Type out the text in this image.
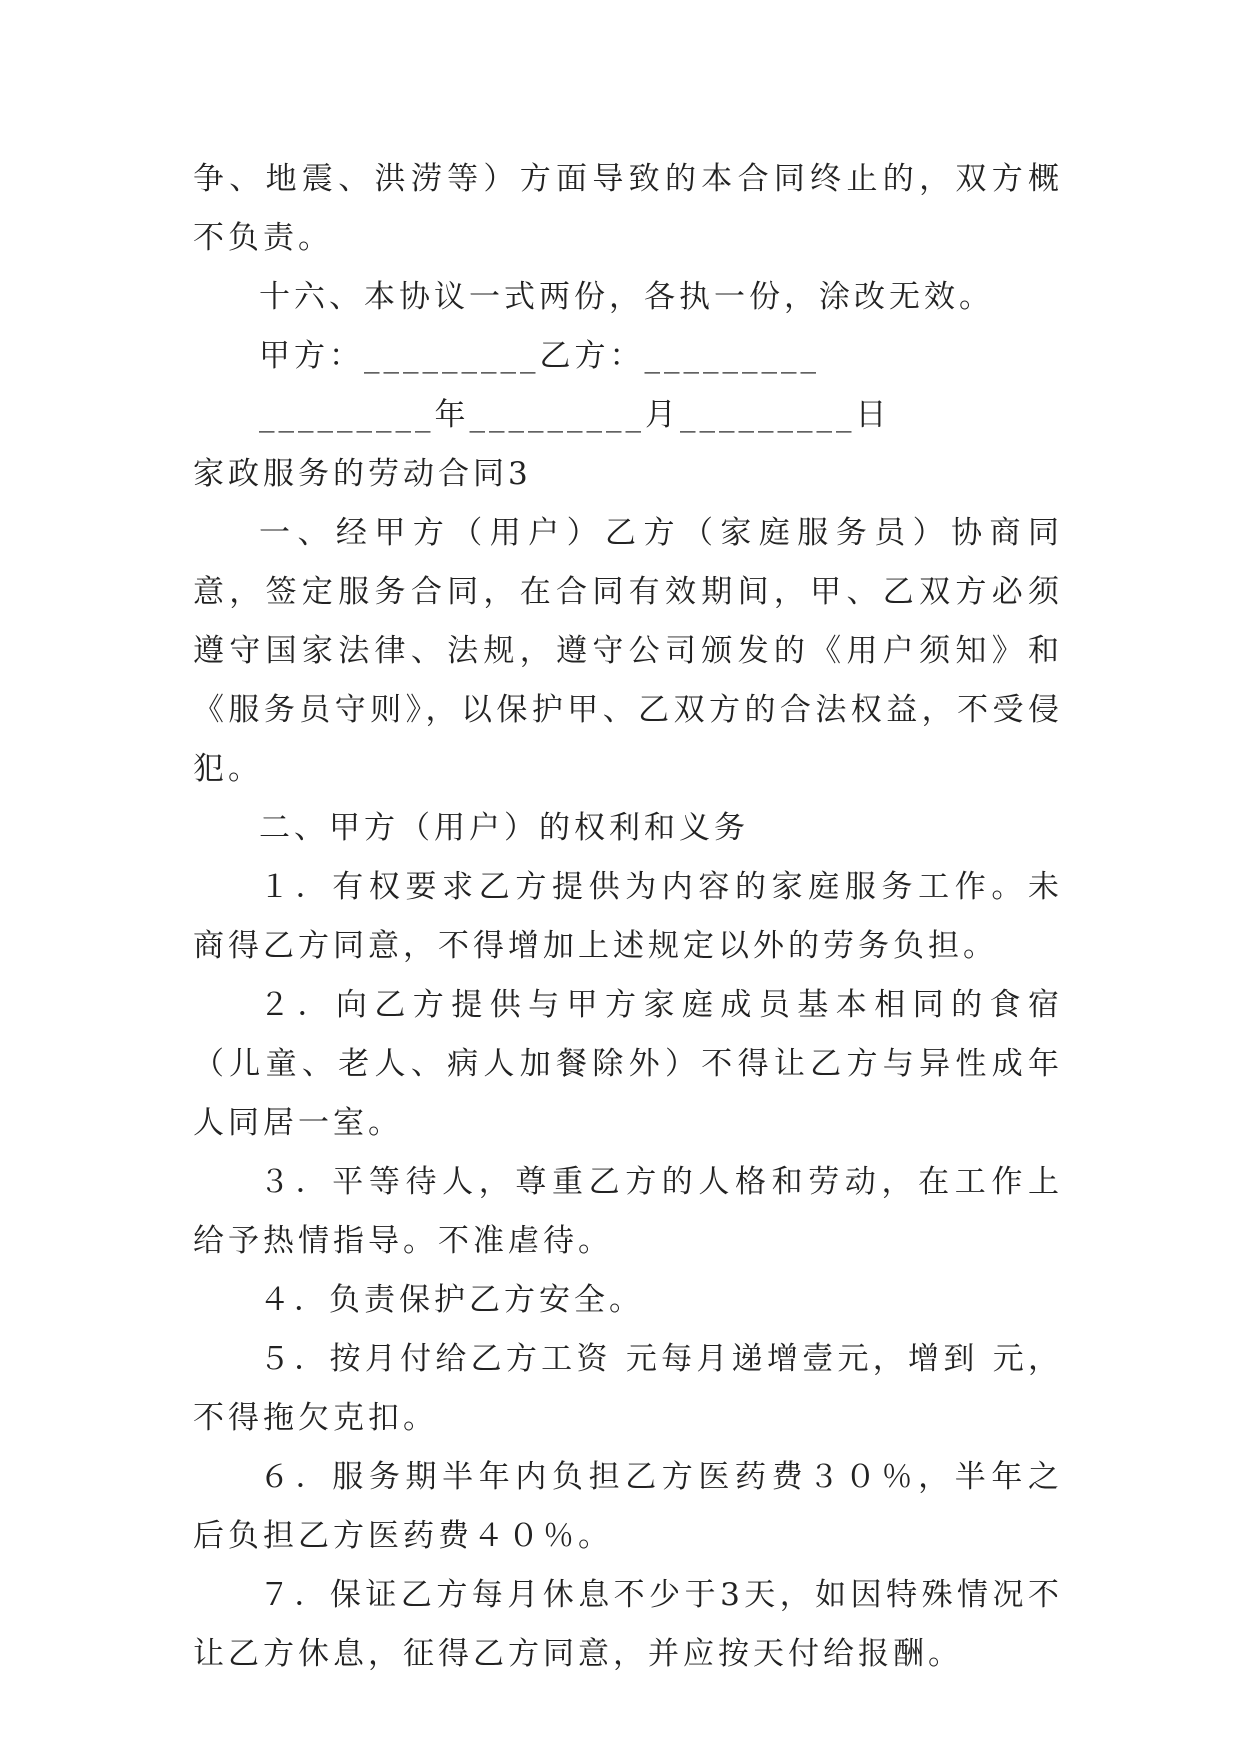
争、地震、洪涝等）方面导致的本合同终止的，双方概不负责。

十六、本协议一式两份，各执一份，涂改无效。

甲方：_________乙方：_________

_________年_________月_________日

家政服务的劳动合同3

一、经甲方（用户）乙方（家庭服务员）协商同意，签定服务合同，在合同有效期间，甲、乙双方必须遵守国家法律、法规，遵守公司颁发的《用户须知》和《服务员守则》，以保护甲、乙双方的合法权益，不受侵犯。

二、甲方（用户）的权利和义务

１．有权要求乙方提供为内容的家庭服务工作。未商得乙方同意，不得增加上述规定以外的劳务负担。

２．向乙方提供与甲方家庭成员基本相同的食宿（儿童、老人、病人加餐除外）不得让乙方与异性成年人同居一室。

３．平等待人，尊重乙方的人格和劳动，在工作上给予热情指导。不准虐待。

４．负责保护乙方安全。

５．按月付给乙方工资 元每月递增壹元，增到 元，不得拖欠克扣。

６．服务期半年内负担乙方医药费３０％，半年之后负担乙方医药费４０％。

７．保证乙方每月休息不少于3天，如因特殊情况不让乙方休息，征得乙方同意，并应按天付给报酬。
